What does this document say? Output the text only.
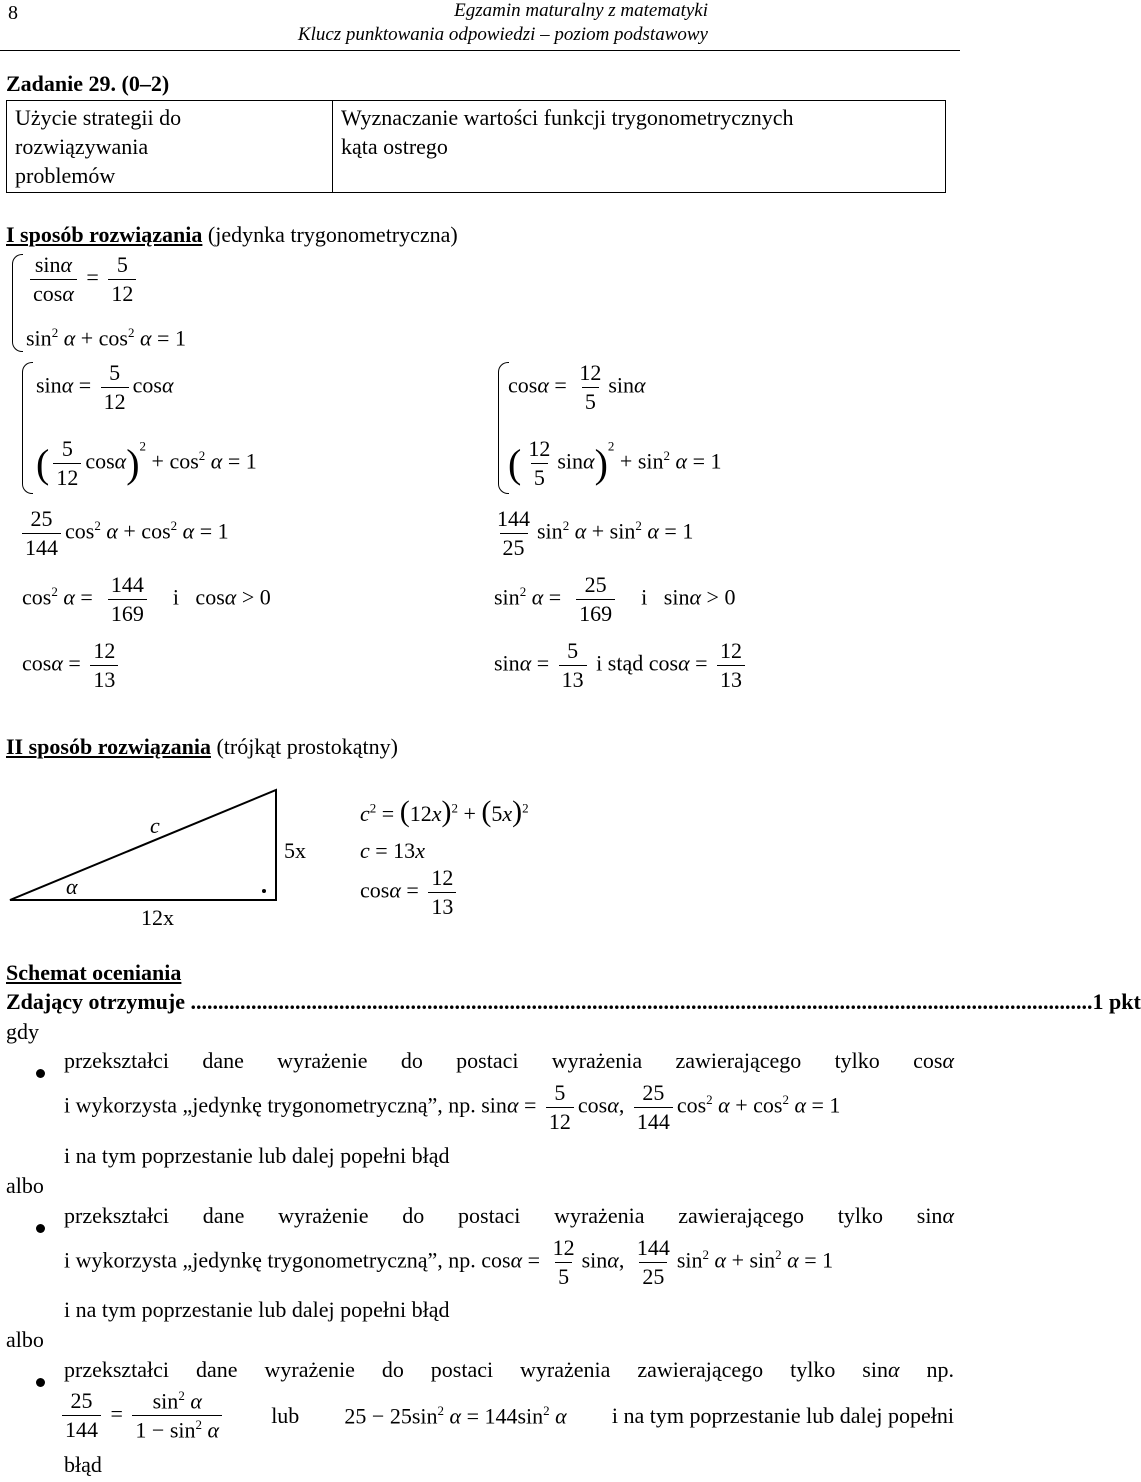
8	Egzamin maturalny z matematyki
Klucz punktowania odpowiedzi – poziom podstawowy
Zadanie 29. (0–2)
Użycie strategii do
rozwiązywania
problemów

Wyznaczanie wartości funkcji trygonometrycznych
kąta ostrego
I sposób rozwiązania (jedynka trygonometryczna)
$\frac{\sin\alpha}{\cos\alpha} = \frac{5}{12}$
$\sin^2 \alpha + \cos^2 \alpha = 1$
$\sin\alpha = \frac{5}{12}$ cosα
( $\frac{5}{12} \cos\alpha)^2 + \cos^2 \alpha = 1$
$\frac{25}{144} \cos^2 \alpha + \cos^2 \alpha = 1$
$\cos^2 \alpha = \frac{144}{169}$ i   cosα > 0
$\cos\alpha = \frac{12}{13}$
$\cos\alpha = \frac{12}{5}$ sinα
( $\frac{12}{5} \sin\alpha)^2 + \sin^2 \alpha = 1$
$\frac{144}{25} \sin^2 \alpha + \sin^2 \alpha = 1$
$\sin^2 \alpha = \frac{25}{169}$ i   sinα > 0
$\sin\alpha = \frac{5}{13}$ i stąd $\cos\alpha = \frac{12}{13}$
II sposób rozwiązania (trójkąt prostokątny)
c
5x
12x
α
$c^2 = (12x)^2 + (5x)^2$
c = 13x
$\cos\alpha = \frac{12}{13}$
Schemat oceniania
Zdający otrzymuje .................................................................................................................................................................... 1 pkt
gdy
przekształci dane wyrażenie do postaci wyrażenia zawierającego tylko cosα
i wykorzysta „jedynkę trygonometryczną”, np. $\sin\alpha = \frac{5}{12} \cos\alpha$, $\frac{25}{144} \cos^2 \alpha + \cos^2 \alpha = 1$
i na tym poprzestanie lub dalej popełni błąd
albo
przekształci dane wyrażenie do postaci wyrażenia zawierającego tylko sinα
i wykorzysta „jedynkę trygonometryczną”, np. $\cos\alpha = \frac{12}{5} \sin\alpha$, $\frac{144}{25} \sin^2 \alpha + \sin^2 \alpha = 1$
i na tym poprzestanie lub dalej popełni błąd
albo
przekształci dane wyrażenie do postaci wyrażenia zawierającego tylko sinα np.
$\frac{25}{144} = \frac{\sin^2 \alpha}{1 - \sin^2 \alpha}$ lub $25 - 25\sin^2$ $\alpha = 144\sin^2$ α i na tym poprzestanie lub dalej popełni
błąd
